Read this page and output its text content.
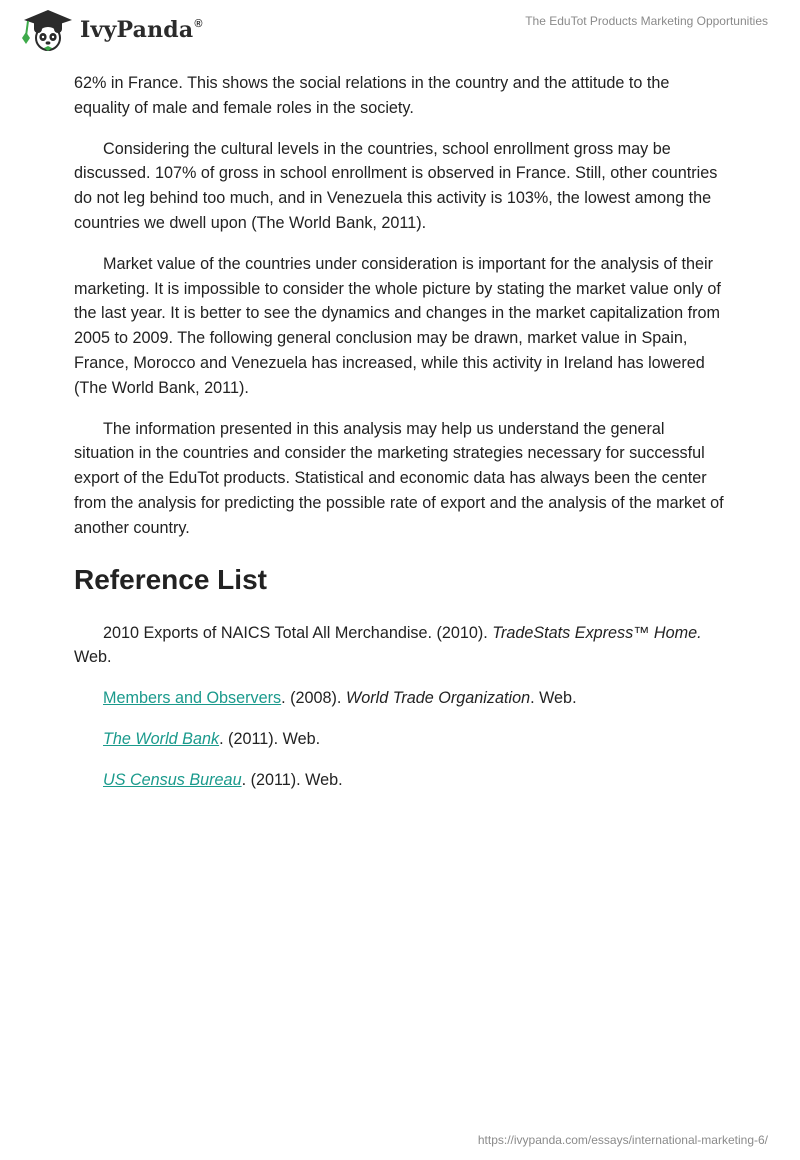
IvyPanda®	The EduTot Products Marketing Opportunities

62% in France. This shows the social relations in the country and the attitude to the equality of male and female roles in the society.

Considering the cultural levels in the countries, school enrollment gross may be discussed. 107% of gross in school enrollment is observed in France. Still, other countries do not leg behind too much, and in Venezuela this activity is 103%, the lowest among the countries we dwell upon (The World Bank, 2011).

Market value of the countries under consideration is important for the analysis of their marketing. It is impossible to consider the whole picture by stating the market value only of the last year. It is better to see the dynamics and changes in the market capitalization from 2005 to 2009. The following general conclusion may be drawn, market value in Spain, France, Morocco and Venezuela has increased, while this activity in Ireland has lowered (The World Bank, 2011).

The information presented in this analysis may help us understand the general situation in the countries and consider the marketing strategies necessary for successful export of the EduTot products. Statistical and economic data has always been the center from the analysis for predicting the possible rate of export and the analysis of the market of another country.

Reference List
2010 Exports of NAICS Total All Merchandise. (2010). TradeStats Express™ Home. Web.
Members and Observers. (2008). World Trade Organization. Web.
The World Bank. (2011). Web.
US Census Bureau. (2011). Web.
https://ivypanda.com/essays/international-marketing-6/
